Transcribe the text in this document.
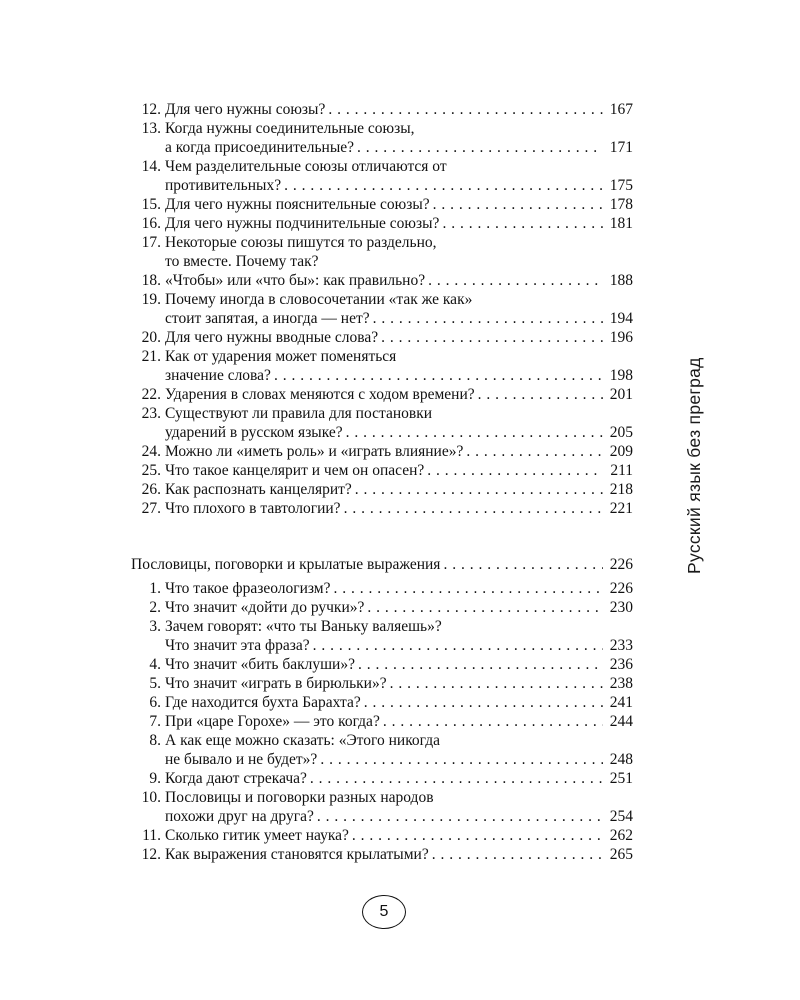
12. Для чего нужны союзы? . . .	167
13. Когда нужны соединительные союзы,
а когда присоединительные? . . .	171
14. Чем разделительные союзы отличаются от
противительных? . . .	175
15. Для чего нужны пояснительные союзы? . . .	178
16. Для чего нужны подчинительные союзы? . . .	181
17. Некоторые союзы пишутся то раздельно,
то вместе. Почему так?
18. «Чтобы» или «что бы»: как правильно? . . .	188
19. Почему иногда в словосочетании «так же как»
стоит запятая, а иногда — нет? . . .	194
20. Для чего нужны вводные слова? . . .	196
21. Как от ударения может поменяться
значение слова? . . .	198
22. Ударения в словах меняются с ходом времени? . . .	201
23. Существуют ли правила для постановки
ударений в русском языке? . . .	205
24. Можно ли «иметь роль» и «играть влияние»? . . .	209
25. Что такое канцелярит и чем он опасен? . . .	211
26. Как распознать канцелярит? . . .	218
27. Что плохого в тавтологии? . . .	221
Пословицы, поговорки и крылатые выражения . . .	226
1. Что такое фразеологизм? . . .	226
2. Что значит «дойти до ручки»? . . .	230
3. Зачем говорят: «что ты Ваньку валяешь»?
Что значит эта фраза? . . .	233
4. Что значит «бить баклуши»? . . .	236
5. Что значит «играть в бирюльки»? . . .	238
6. Где находится бухта Барахта? . . .	241
7. При «царе Горохе» — это когда? . . .	244
8. А как еще можно сказать: «Этого никогда
не бывало и не будет»? . . .	248
9. Когда дают стрекача? . . .	251
10. Пословицы и поговорки разных народов
похожи друг на друга? . . .	254
11. Сколько гитик умеет наука? . . .	262
12. Как выражения становятся крылатыми? . . .	265
Русский язык без преград
5
